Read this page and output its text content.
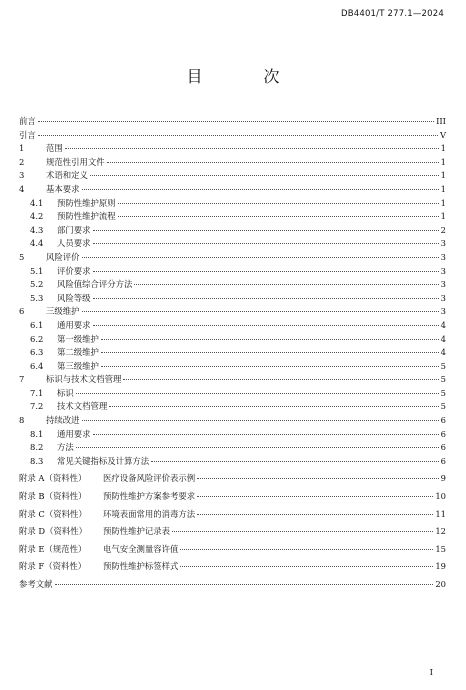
DB4401/T 277.1—2024
目 次
前言	III
引言	V
1	范围	1
2	规范性引用文件	1
3	术语和定义	1
4	基本要求	1
4.1	预防性维护原则	1
4.2	预防性维护流程	1
4.3	部门要求	2
4.4	人员要求	3
5	风险评价	3
5.1	评价要求	3
5.2	风险值综合评分方法	3
5.3	风险等级	3
6	三级维护	3
6.1	通用要求	4
6.2	第一级维护	4
6.3	第二级维护	4
6.4	第三级维护	5
7	标识与技术文档管理	5
7.1	标识	5
7.2	技术文档管理	5
8	持续改进	6
8.1	通用要求	6
8.2	方法	6
8.3	常见关键指标及计算方法	6
附录 A（资料性）	医疗设备风险评价表示例	9
附录 B（资料性）	预防性维护方案参考要求	10
附录 C（资料性）	环境表面常用的消毒方法	11
附录 D（资料性）	预防性维护记录表	12
附录 E（规范性）	电气安全测量容许值	15
附录 F（资料性）	预防性维护标签样式	19
参考文献	20
I
